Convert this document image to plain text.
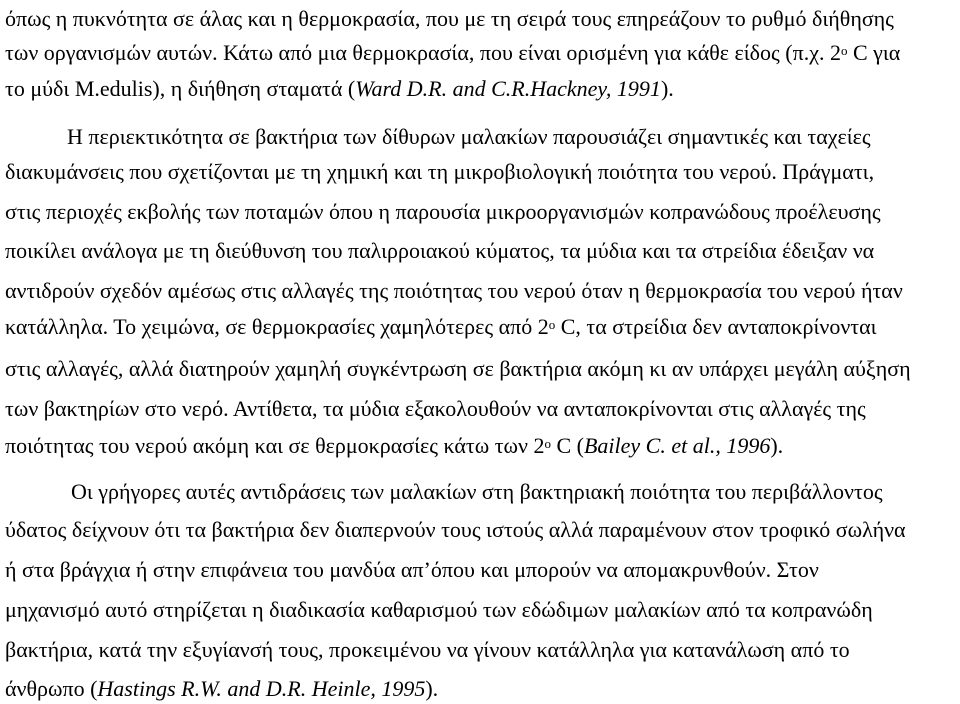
όπως η πυκνότητα σε άλας και η θερμοκρασία, που με τη σειρά τους επηρεάζουν το ρυθμό διήθησης
των οργανισμών αυτών. Κάτω από μια θερμοκρασία, που είναι ορισμένη για κάθε είδος (π.χ. $2^o$ C για
το μύδι M.edulis), η διήθηση σταματά (Ward D.R. and C.R.Hackney, 1991).
Η περιεκτικότητα σε βακτήρια των δίθυρων μαλακίων παρουσιάζει σημαντικές και ταχείες
διακυμάνσεις που σχετίζονται με τη χημική και τη μικροβιολογική ποιότητα του νερού. Πράγματι,
στις περιοχές εκβολής των ποταμών όπου η παρουσία μικροοργανισμών κοπρανώδους προέλευσης
ποικίλει ανάλογα με τη διεύθυνση του παλιρροιακού κύματος, τα μύδια και τα στρείδια έδειξαν να
αντιδρούν σχεδόν αμέσως στις αλλαγές της ποιότητας του νερού όταν η θερμοκρασία του νερού ήταν
κατάλληλα. Το χειμώνα, σε θερμοκρασίες χαμηλότερες από $2^o$ C, τα στρείδια δεν ανταποκρίνονται
στις αλλαγές, αλλά διατηρούν χαμηλή συγκέντρωση σε βακτήρια ακόμη κι αν υπάρχει μεγάλη αύξηση
των βακτηρίων στο νερό. Αντίθετα, τα μύδια εξακολουθούν να ανταποκρίνονται στις αλλαγές της
ποιότητας του νερού ακόμη και σε θερμοκρασίες κάτω των $2^o$ C (Bailey C. et al., 1996).
Οι γρήγορες αυτές αντιδράσεις των μαλακίων στη βακτηριακή ποιότητα του περιβάλλοντος
ύδατος δείχνουν ότι τα βακτήρια δεν διαπερνούν τους ιστούς αλλά παραμένουν στον τροφικό σωλήνα
ή στα βράγχια ή στην επιφάνεια του μανδύα απ’όπου και μπορούν να απομακρυνθούν. Στον
μηχανισμό αυτό στηρίζεται η διαδικασία καθαρισμού των εδώδιμων μαλακίων από τα κοπρανώδη
βακτήρια, κατά την εξυγίανσή τους, προκειμένου να γίνουν κατάλληλα για κατανάλωση από το
άνθρωπο (Hastings R.W. and D.R. Heinle, 1995).
